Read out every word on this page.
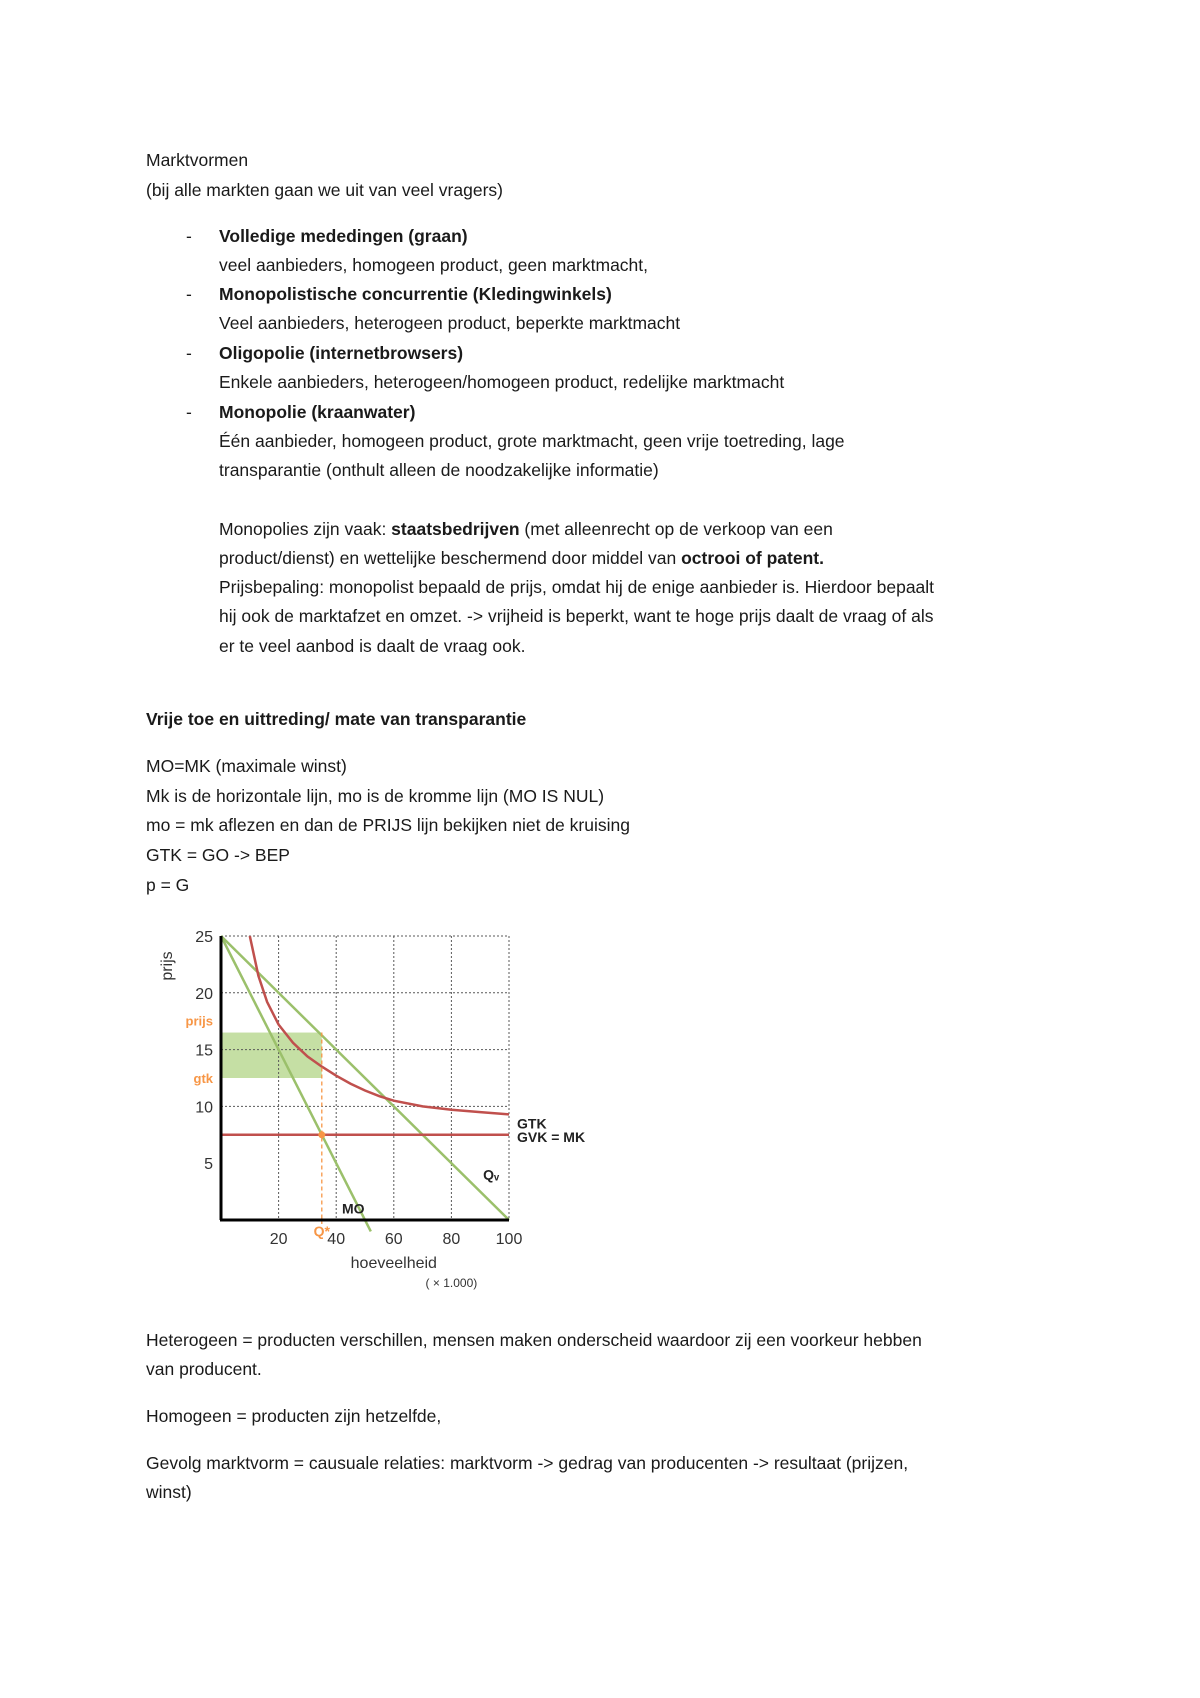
Marktvormen
(bij alle markten gaan we uit van veel vragers)
- Volledige mededingen (graan)
veel aanbieders, homogeen product, geen marktmacht,
- Monopolistische concurrentie (Kledingwinkels)
Veel aanbieders, heterogeen product, beperkte marktmacht
- Oligopolie (internetbrowsers)
Enkele aanbieders, heterogeen/homogeen product, redelijke marktmacht
- Monopolie (kraanwater)
Één aanbieder, homogeen product, grote marktmacht, geen vrije toetreding, lage
transparantie (onthult alleen de noodzakelijke informatie)
Monopolies zijn vaak: staatsbedrijven (met alleenrecht op de verkoop van een
product/dienst) en wettelijke beschermend door middel van octrooi of patent.
Prijsbepaling: monopolist bepaald de prijs, omdat hij de enige aanbieder is. Hierdoor bepaalt
hij ook de marktafzet en omzet. -> vrijheid is beperkt, want te hoge prijs daalt de vraag of als
er te veel aanbod is daalt de vraag ook.
Vrije toe en uittreding/ mate van transparantie
MO=MK (maximale winst)
Mk is de horizontale lijn, mo is de kromme lijn (MO IS NUL)
mo = mk aflezen en dan de PRIJS lijn bekijken niet de kruising
GTK = GO -> BEP
p = G
5
10
15
20
25
20 40 60 80 100
prijs
hoeveelheid
( × 1.000)
prijs
gtk
Q*
GTK
GVK = MK
MO
Qᵥ
Heterogeen = producten verschillen, mensen maken onderscheid waardoor zij een voorkeur hebben
van producent.
Homogeen = producten zijn hetzelfde,
Gevolg marktvorm = causuale relaties: marktvorm -> gedrag van producenten -> resultaat (prijzen,
winst)
